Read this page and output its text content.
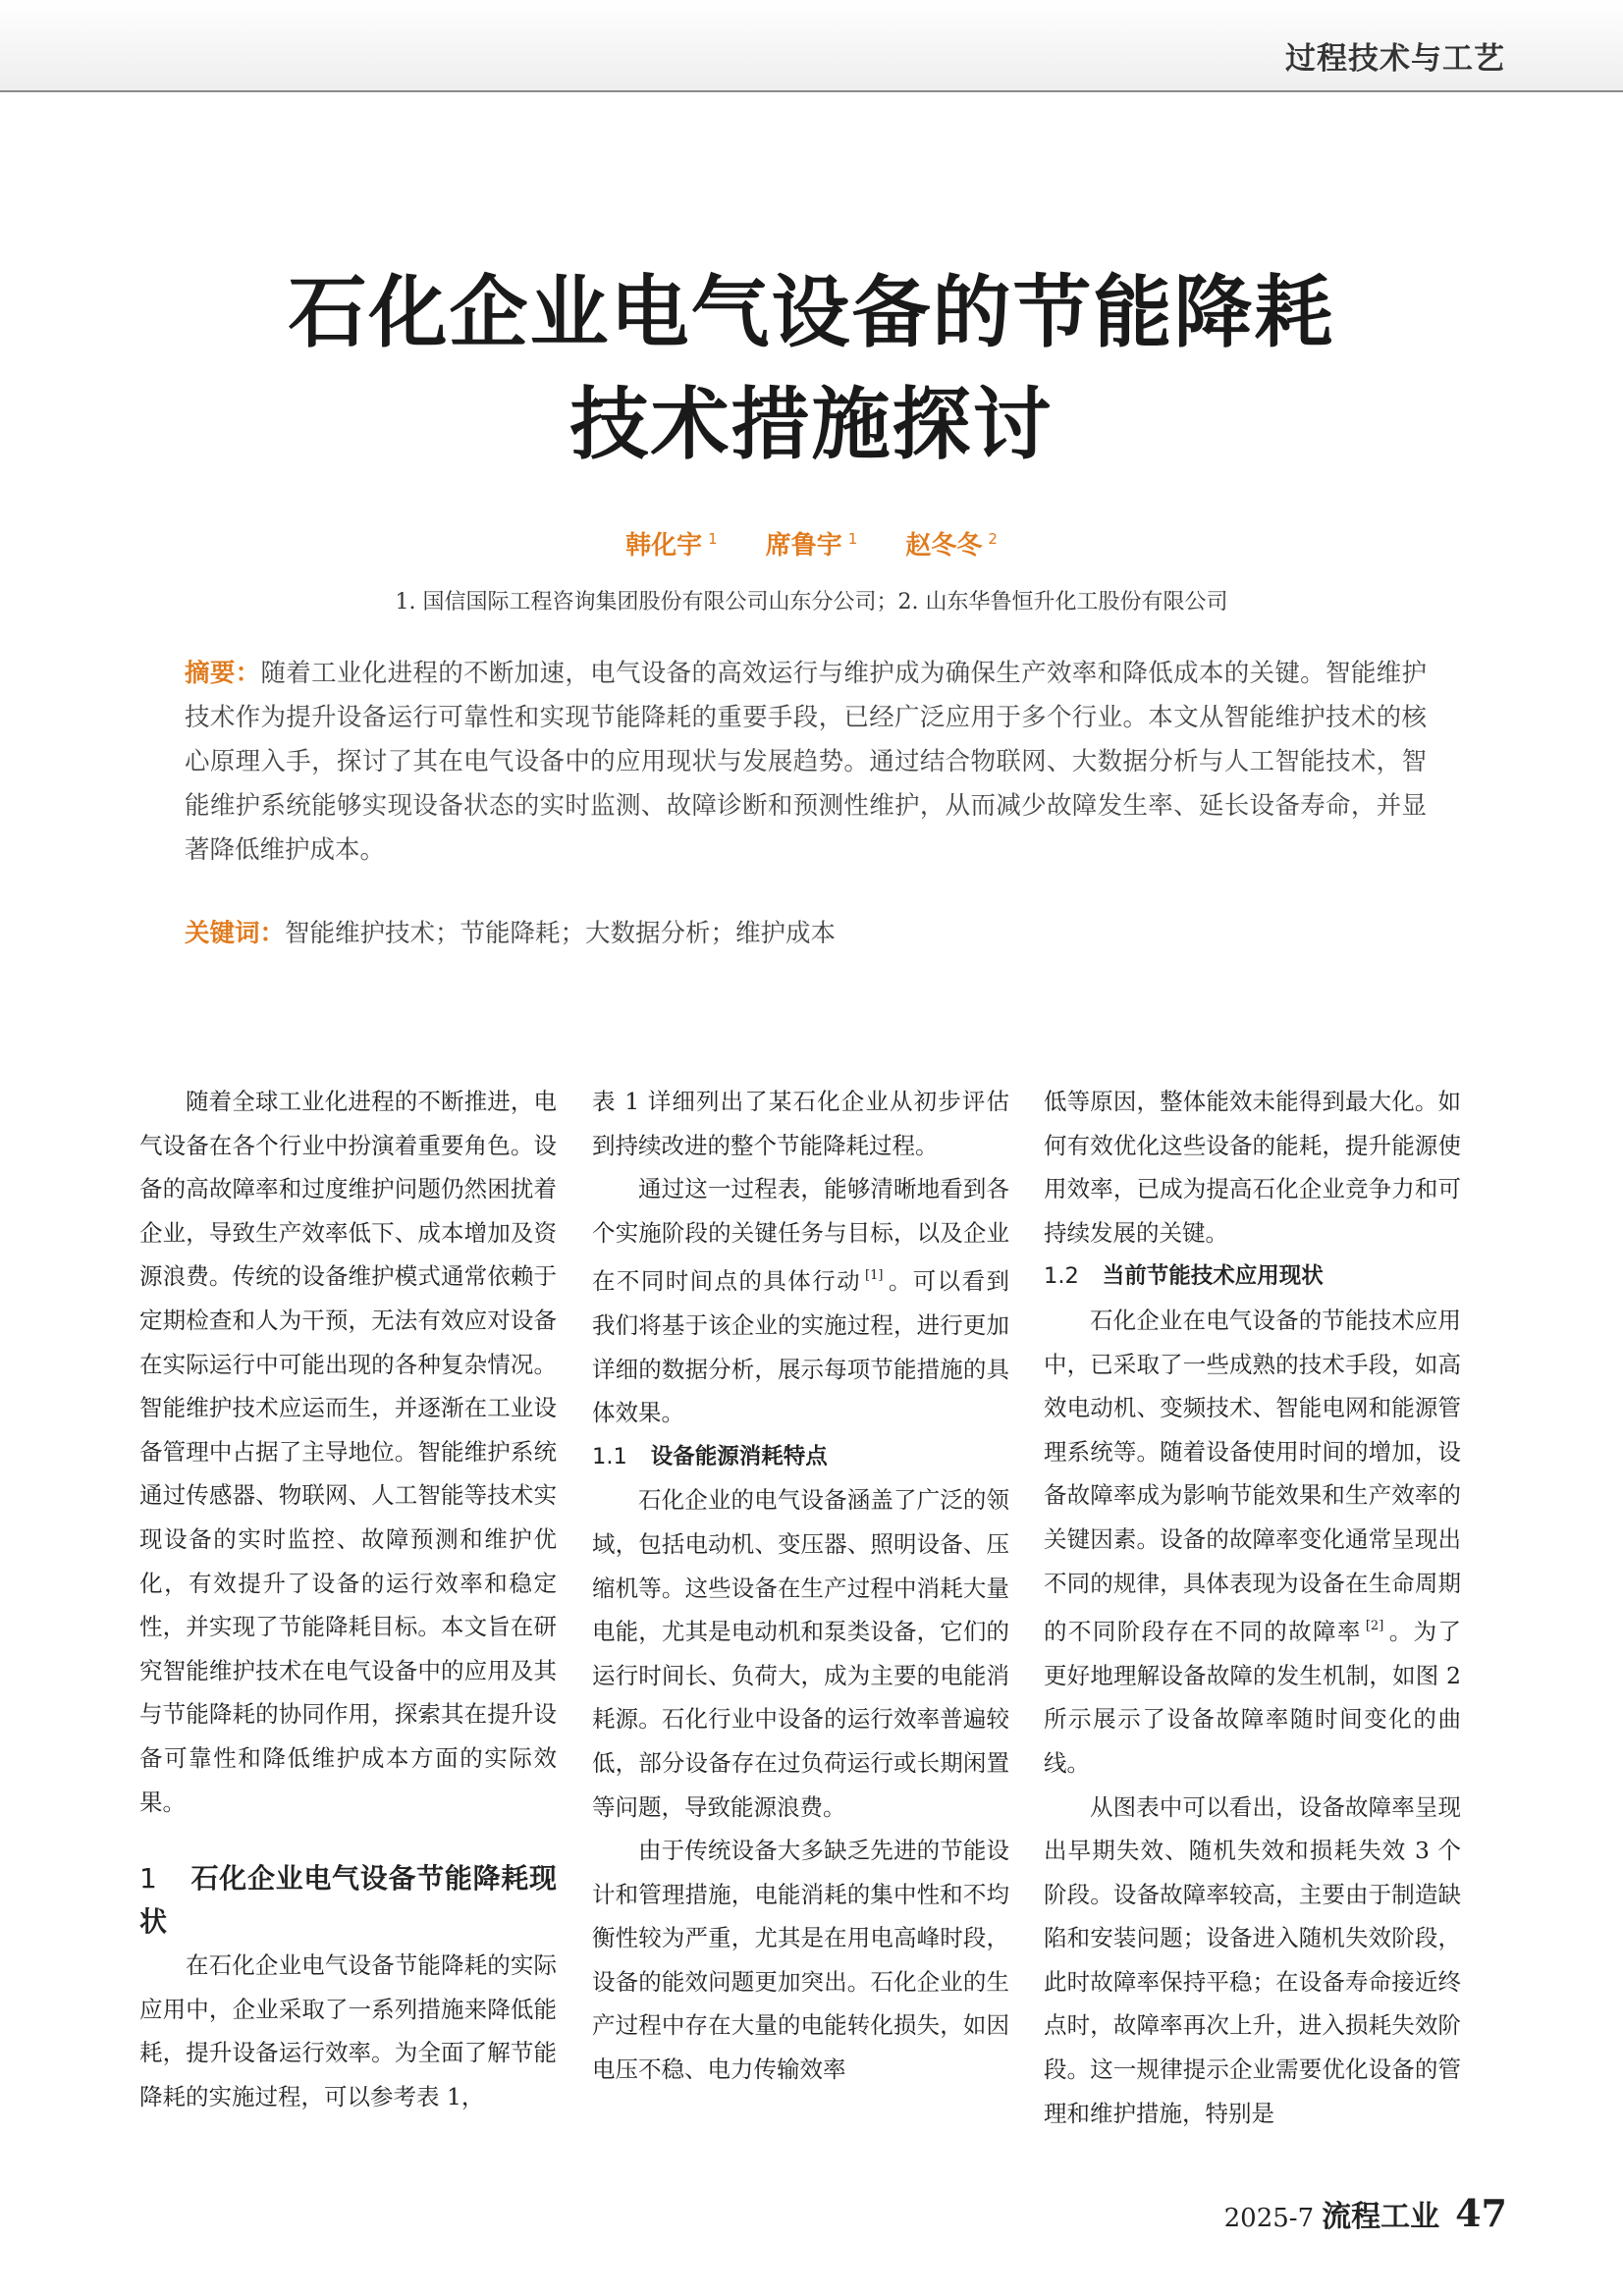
过程技术与工艺
石化企业电气设备的节能降耗
技术措施探讨
韩化宇 $^1$ 席鲁宇 $^1$ 赵冬冬 $^2$
1. 国信国际工程咨询集团股份有限公司山东分公司；2. 山东华鲁恒升化工股份有限公司
摘要：随着工业化进程的不断加速，电气设备的高效运行与维护成为确保生产效率和降低成本的关键。智能维护技术作为提升设备运行可靠性和实现节能降耗的重要手段，已经广泛应用于多个行业。本文从智能维护技术的核心原理入手，探讨了其在电气设备中的应用现状与发展趋势。通过结合物联网、大数据分析与人工智能技术，智能维护系统能够实现设备状态的实时监测、故障诊断和预测性维护，从而减少故障发生率、延长设备寿命，并显著降低维护成本。
关键词：智能维护技术；节能降耗；大数据分析；维护成本

随着全球工业化进程的不断推进，电气设备在各个行业中扮演着重要角色。设备的高故障率和过度维护问题仍然困扰着企业，导致生产效率低下、成本增加及资源浪费。传统的设备维护模式通常依赖于定期检查和人为干预，无法有效应对设备在实际运行中可能出现的各种复杂情况。智能维护技术应运而生，并逐渐在工业设备管理中占据了主导地位。智能维护系统通过传感器、物联网、人工智能等技术实现设备的实时监控、故障预测和维护优化，有效提升了设备的运行效率和稳定性，并实现了节能降耗目标。本文旨在研究智能维护技术在电气设备中的应用及其与节能降耗的协同作用，探索其在提升设备可靠性和降低维护成本方面的实际效果。

1 石化企业电气设备节能降耗现状

在石化企业电气设备节能降耗的实际应用中，企业采取了一系列措施来降低能耗，提升设备运行效率。为全面了解节能降耗的实施过程，可以参考表 1，

表 1 详细列出了某石化企业从初步评估到持续改进的整个节能降耗过程。

通过这一过程表，能够清晰地看到各个实施阶段的关键任务与目标，以及企业在不同时间点的具体行动 [1] 。可以看到我们将基于该企业的实施过程，进行更加详细的数据分析，展示每项节能措施的具体效果。

1.1 设备能源消耗特点

石化企业的电气设备涵盖了广泛的领域，包括电动机、变压器、照明设备、压缩机等。这些设备在生产过程中消耗大量电能，尤其是电动机和泵类设备，它们的运行时间长、负荷大，成为主要的电能消耗源。石化行业中设备的运行效率普遍较低，部分设备存在过负荷运行或长期闲置等问题，导致能源浪费。

由于传统设备大多缺乏先进的节能设计和管理措施，电能消耗的集中性和不均衡性较为严重，尤其是在用电高峰时段，设备的能效问题更加突出。石化企业的生产过程中存在大量的电能转化损失，如因电压不稳、电力传输效率

低等原因，整体能效未能得到最大化。如何有效优化这些设备的能耗，提升能源使用效率，已成为提高石化企业竞争力和可持续发展的关键。

1.2 当前节能技术应用现状

石化企业在电气设备的节能技术应用中，已采取了一些成熟的技术手段，如高效电动机、变频技术、智能电网和能源管理系统等。随着设备使用时间的增加，设备故障率成为影响节能效果和生产效率的关键因素。设备的故障率变化通常呈现出不同的规律，具体表现为设备在生命周期的不同阶段存在不同的故障率 [2] 。为了更好地理解设备故障的发生机制，如图 2 所示展示了设备故障率随时间变化的曲线。

从图表中可以看出，设备故障率呈现出早期失效、随机失效和损耗失效 3 个阶段。设备故障率较高，主要由于制造缺陷和安装问题；设备进入随机失效阶段，此时故障率保持平稳；在设备寿命接近终点时，故障率再次上升，进入损耗失效阶段。这一规律提示企业需要优化设备的管理和维护措施，特别是

2025-7 流程工业 47
